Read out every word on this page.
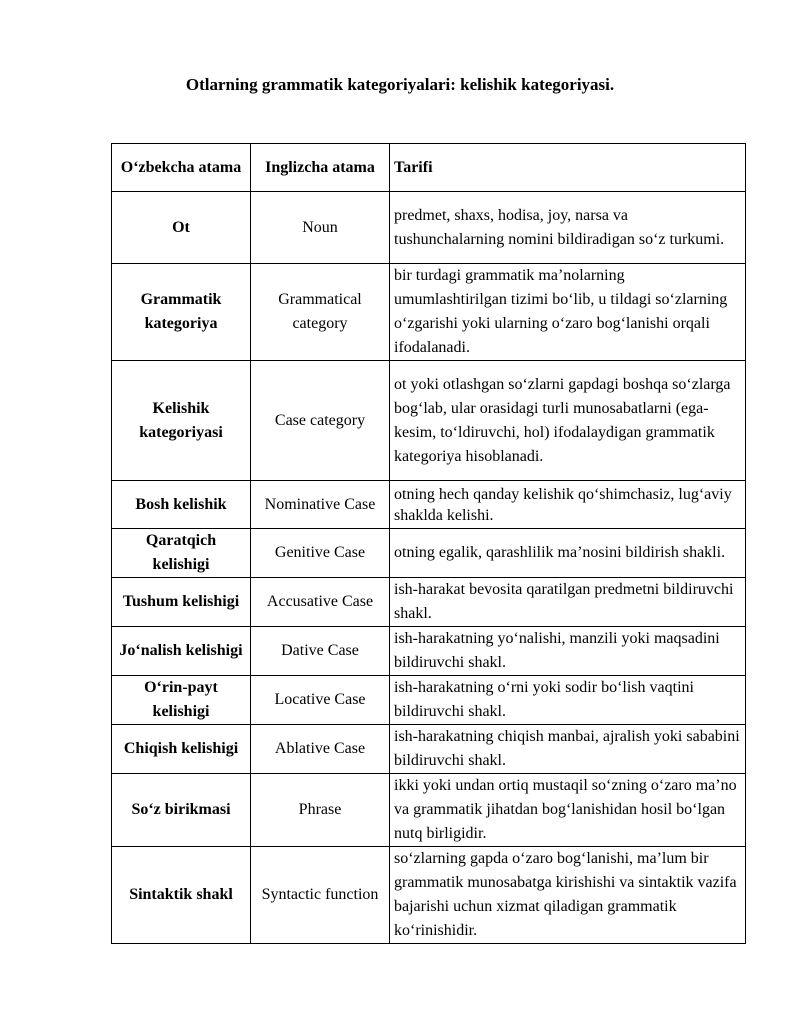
Otlarning grammatik kategoriyalari: kelishik kategoriyasi.
O‘zbekcha atama	Inglizcha atama	Tarifi
Ot	Noun	predmet, shaxs, hodisa, joy, narsa va tushunchalarning nomini bildiradigan so‘z turkumi.
Grammatik kategoriya	Grammatical category	bir turdagi grammatik ma’nolarning umumlashtirilgan tizimi bo‘lib, u tildagi so‘zlarning o‘zgarishi yoki ularning o‘zaro bog‘lanishi orqali ifodalanadi.
Kelishik kategoriyasi	Case category	ot yoki otlashgan so‘zlarni gapdagi boshqa so‘zlarga bog‘lab, ular orasidagi turli munosabatlarni (ega-kesim, to‘ldiruvchi, hol) ifodalaydigan grammatik kategoriya hisoblanadi.
Bosh kelishik	Nominative Case	otning hech qanday kelishik qo‘shimchasiz, lug‘aviy shaklda kelishi.
Qaratqich kelishigi	Genitive Case	otning egalik, qarashlilik ma’nosini bildirish shakli.
Tushum kelishigi	Accusative Case	ish-harakat bevosita qaratilgan predmetni bildiruvchi shakl.
Jo‘nalish kelishigi	Dative Case	ish-harakatning yo‘nalishi, manzili yoki maqsadini bildiruvchi shakl.
O‘rin-payt kelishigi	Locative Case	ish-harakatning o‘rni yoki sodir bo‘lish vaqtini bildiruvchi shakl.
Chiqish kelishigi	Ablative Case	ish-harakatning chiqish manbai, ajralish yoki sababini bildiruvchi shakl.
So‘z birikmasi	Phrase	ikki yoki undan ortiq mustaqil so‘zning o‘zaro ma’no va grammatik jihatdan bog‘lanishidan hosil bo‘lgan nutq birligidir.
Sintaktik shakl	Syntactic function	so‘zlarning gapda o‘zaro bog‘lanishi, ma’lum bir grammatik munosabatga kirishishi va sintaktik vazifa bajarishi uchun xizmat qiladigan grammatik ko‘rinishidir.
